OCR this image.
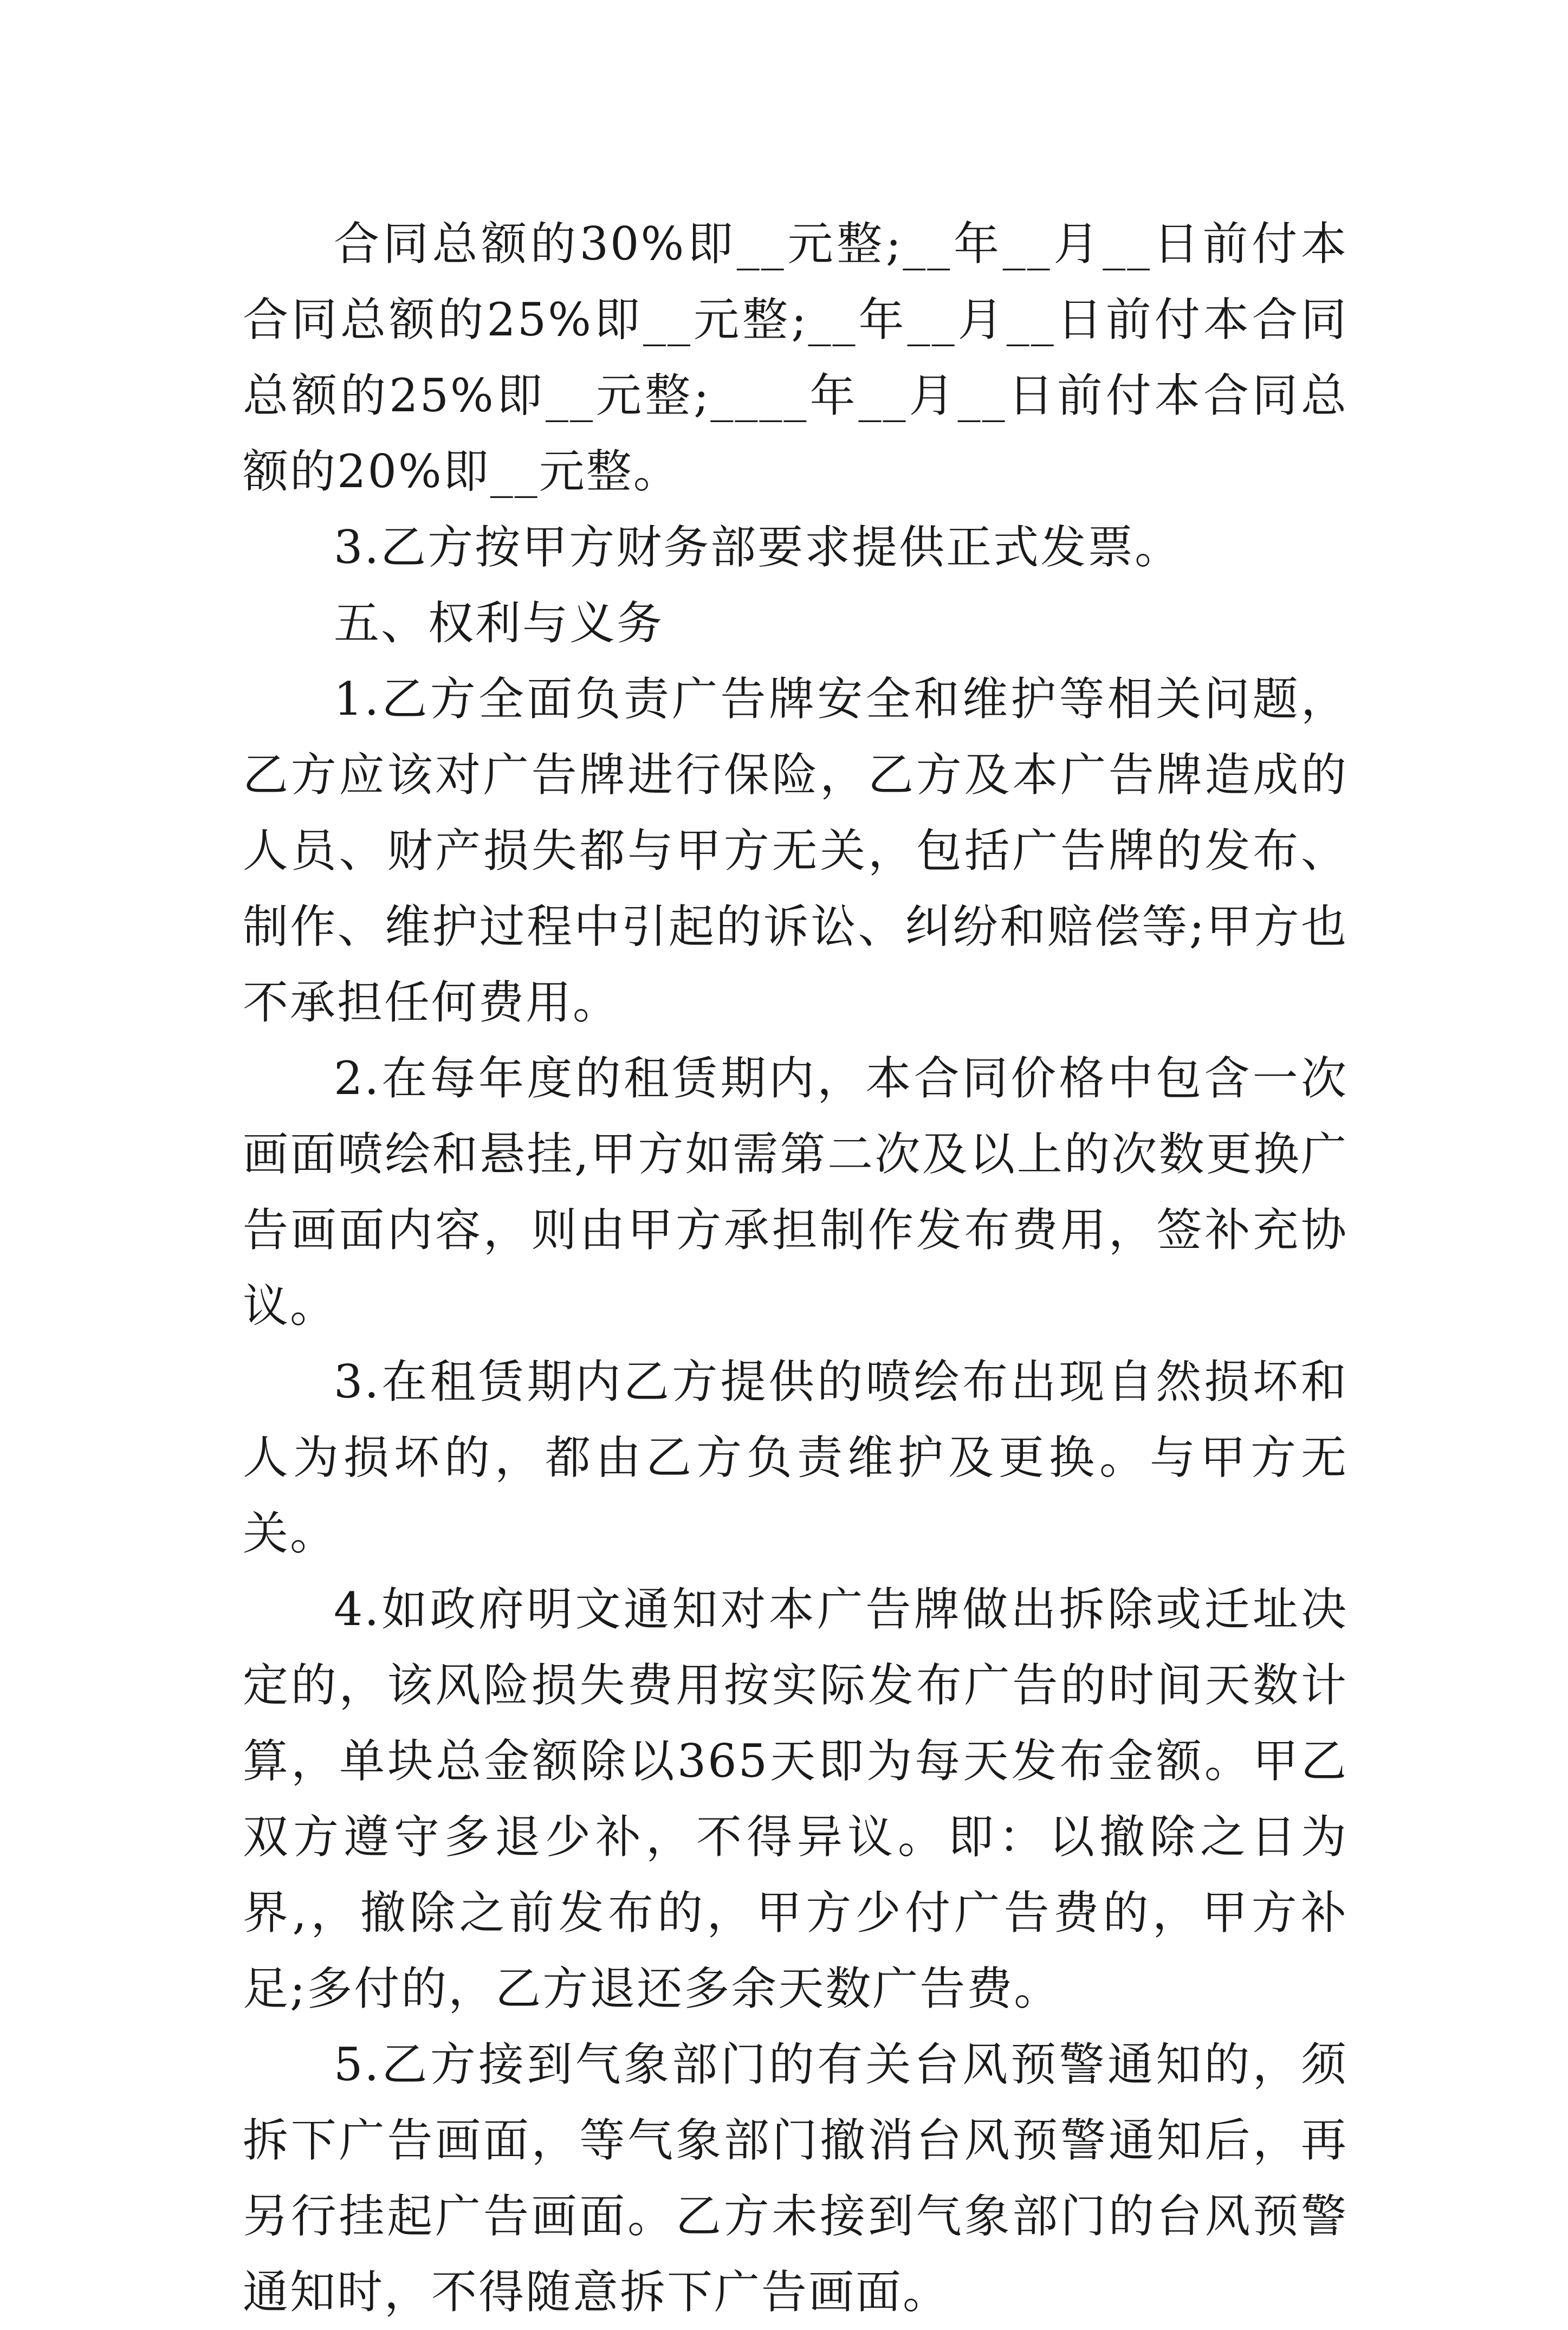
合同总额的30%即__元整;__年__月__日前付本合同总额的25%即__元整;__年__月__日前付本合同总额的25%即__元整;____年__月__日前付本合同总额的20%即__元整。

3.乙方按甲方财务部要求提供正式发票。

五、权利与义务

1.乙方全面负责广告牌安全和维护等相关问题，乙方应该对广告牌进行保险，乙方及本广告牌造成的人员、财产损失都与甲方无关，包括广告牌的发布、制作、维护过程中引起的诉讼、纠纷和赔偿等;甲方也不承担任何费用。

2.在每年度的租赁期内，本合同价格中包含一次画面喷绘和悬挂,甲方如需第二次及以上的次数更换广告画面内容，则由甲方承担制作发布费用，签补充协议。

3.在租赁期内乙方提供的喷绘布出现自然损坏和人为损坏的，都由乙方负责维护及更换。与甲方无关。

4.如政府明文通知对本广告牌做出拆除或迁址决定的，该风险损失费用按实际发布广告的时间天数计算，单块总金额除以365天即为每天发布金额。甲乙双方遵守多退少补，不得异议。即：以撤除之日为界,，撤除之前发布的，甲方少付广告费的，甲方补足;多付的，乙方退还多余天数广告费。

5.乙方接到气象部门的有关台风预警通知的，须拆下广告画面，等气象部门撤消台风预警通知后，再另行挂起广告画面。乙方未接到气象部门的台风预警通知时，不得随意拆下广告画面。
